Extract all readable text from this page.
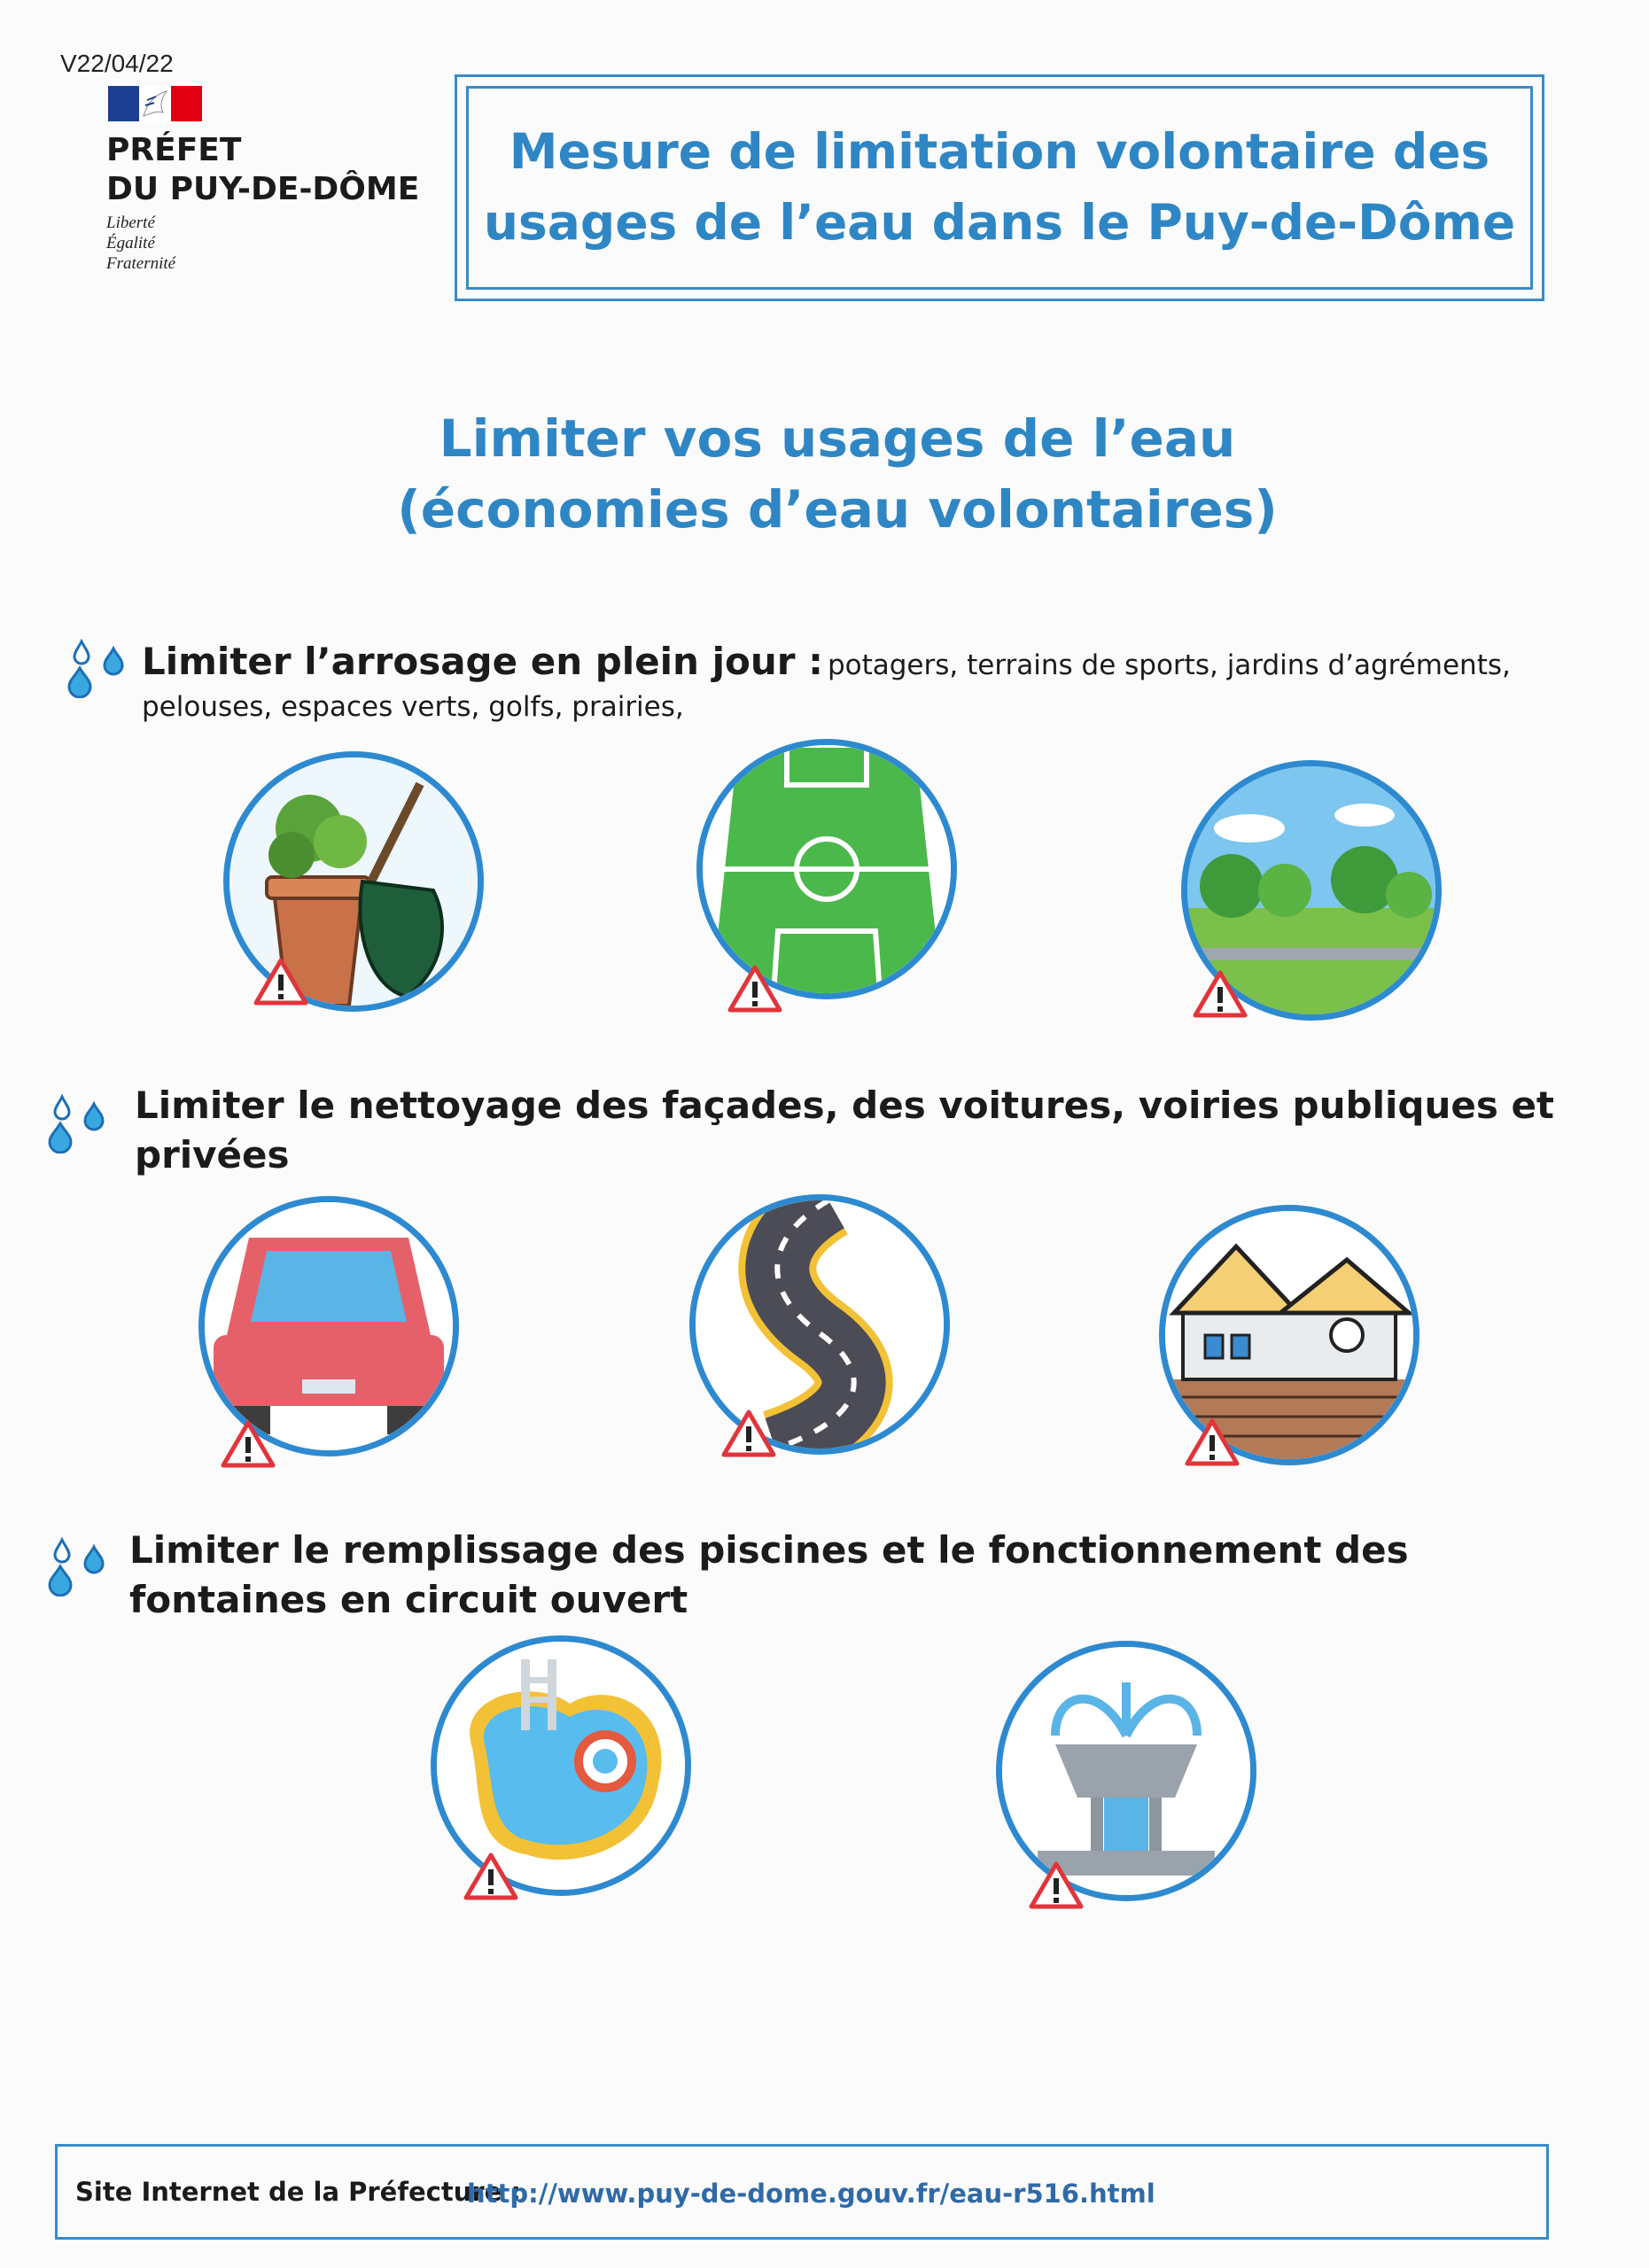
V22/04/22
PRÉFET
DU PUY-DE-DÔME
Liberté
Égalité
Fraternité
Mesure de limitation volontaire des
usages de l’eau dans le Puy-de-Dôme
Limiter vos usages de l’eau
(économies d’eau volontaires)
Limiter l’arrosage en plein jour : potagers, terrains de sports, jardins d’agréments,
pelouses, espaces verts, golfs, prairies,
Limiter le nettoyage des façades, des voitures, voiries publiques et
privées
Limiter le remplissage des piscines et le fonctionnement des
fontaines en circuit ouvert
Site Internet de la Préfecture :
http://www.puy-de-dome.gouv.fr/eau-r516.html
